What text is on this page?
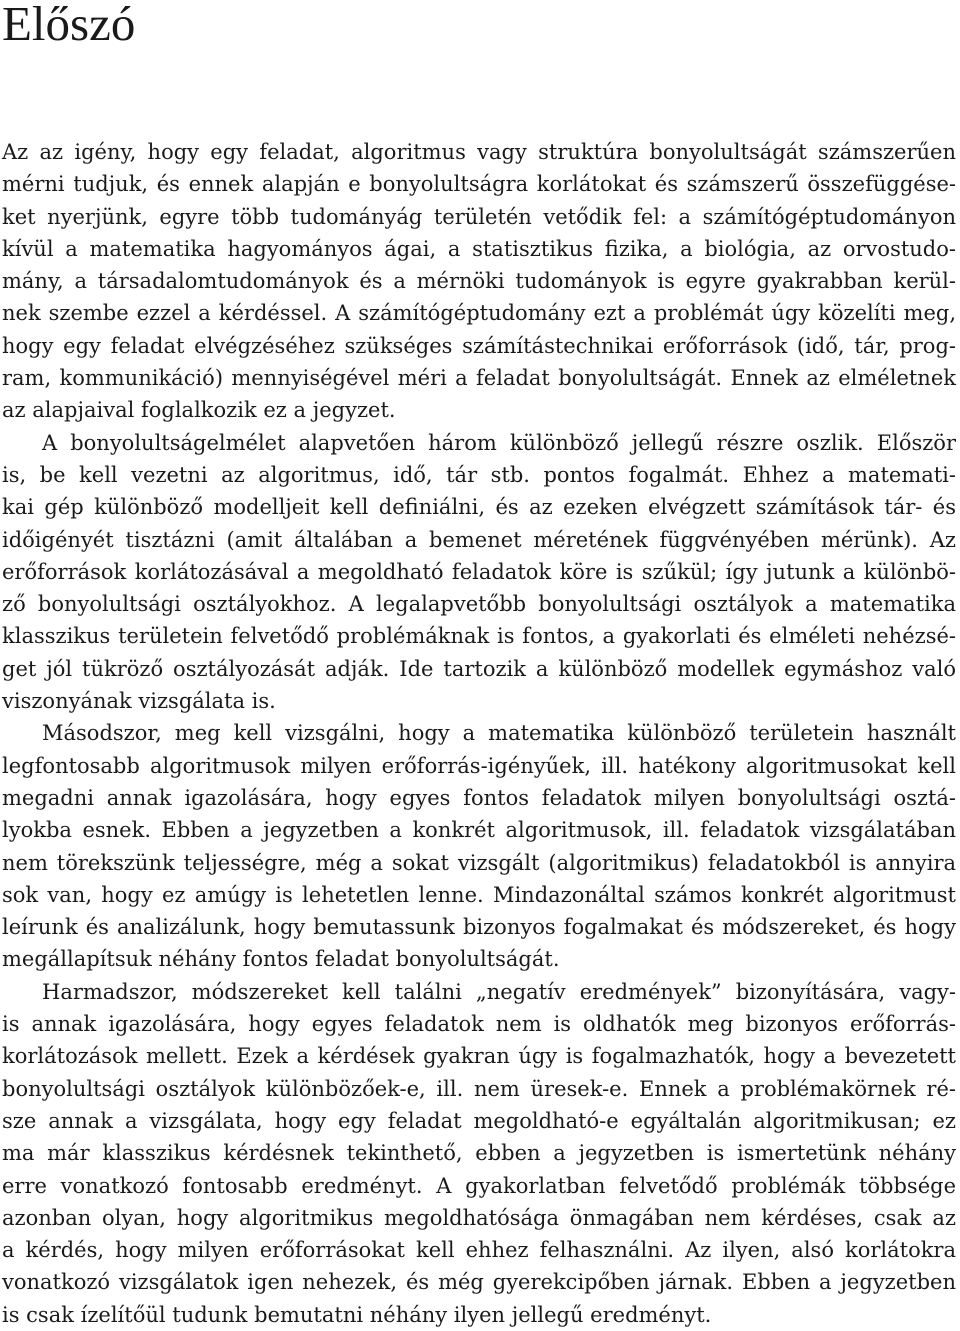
Előszó
Az az igény, hogy egy feladat, algoritmus vagy struktúra bonyolultságát számszerűen
mérni tudjuk, és ennek alapján e bonyolultságra korlátokat és számszerű összefüggése-
ket nyerjünk, egyre több tudományág területén vetődik fel: a számítógéptudományon
kívül a matematika hagyományos ágai, a statisztikus fizika, a biológia, az orvostudo-
mány, a társadalomtudományok és a mérnöki tudományok is egyre gyakrabban kerül-
nek szembe ezzel a kérdéssel. A számítógéptudomány ezt a problémát úgy közelíti meg,
hogy egy feladat elvégzéséhez szükséges számítástechnikai erőforrások (idő, tár, prog-
ram, kommunikáció) mennyiségével méri a feladat bonyolultságát. Ennek az elméletnek
az alapjaival foglalkozik ez a jegyzet.
A bonyolultságelmélet alapvetően három különböző jellegű részre oszlik. Először
is, be kell vezetni az algoritmus, idő, tár stb. pontos fogalmát. Ehhez a matemati-
kai gép különböző modelljeit kell definiálni, és az ezeken elvégzett számítások tár- és
időigényét tisztázni (amit általában a bemenet méretének függvényében mérünk). Az
erőforrások korlátozásával a megoldható feladatok köre is szűkül; így jutunk a különbö-
ző bonyolultsági osztályokhoz. A legalapvetőbb bonyolultsági osztályok a matematika
klasszikus területein felvetődő problémáknak is fontos, a gyakorlati és elméleti nehézsé-
get jól tükröző osztályozását adják. Ide tartozik a különböző modellek egymáshoz való
viszonyának vizsgálata is.
Másodszor, meg kell vizsgálni, hogy a matematika különböző területein használt
legfontosabb algoritmusok milyen erőforrás-igényűek, ill. hatékony algoritmusokat kell
megadni annak igazolására, hogy egyes fontos feladatok milyen bonyolultsági osztá-
lyokba esnek. Ebben a jegyzetben a konkrét algoritmusok, ill. feladatok vizsgálatában
nem törekszünk teljességre, még a sokat vizsgált (algoritmikus) feladatokból is annyira
sok van, hogy ez amúgy is lehetetlen lenne. Mindazonáltal számos konkrét algoritmust
leírunk és analizálunk, hogy bemutassunk bizonyos fogalmakat és módszereket, és hogy
megállapítsuk néhány fontos feladat bonyolultságát.
Harmadszor, módszereket kell találni „negatív eredmények” bizonyítására, vagy-
is annak igazolására, hogy egyes feladatok nem is oldhatók meg bizonyos erőforrás-
korlátozások mellett. Ezek a kérdések gyakran úgy is fogalmazhatók, hogy a bevezetett
bonyolultsági osztályok különbözőek-e, ill. nem üresek-e. Ennek a problémakörnek ré-
sze annak a vizsgálata, hogy egy feladat megoldható-e egyáltalán algoritmikusan; ez
ma már klasszikus kérdésnek tekinthető, ebben a jegyzetben is ismertetünk néhány
erre vonatkozó fontosabb eredményt. A gyakorlatban felvetődő problémák többsége
azonban olyan, hogy algoritmikus megoldhatósága önmagában nem kérdéses, csak az
a kérdés, hogy milyen erőforrásokat kell ehhez felhasználni. Az ilyen, alsó korlátokra
vonatkozó vizsgálatok igen nehezek, és még gyerekcipőben járnak. Ebben a jegyzetben
is csak ízelítőül tudunk bemutatni néhány ilyen jellegű eredményt.
